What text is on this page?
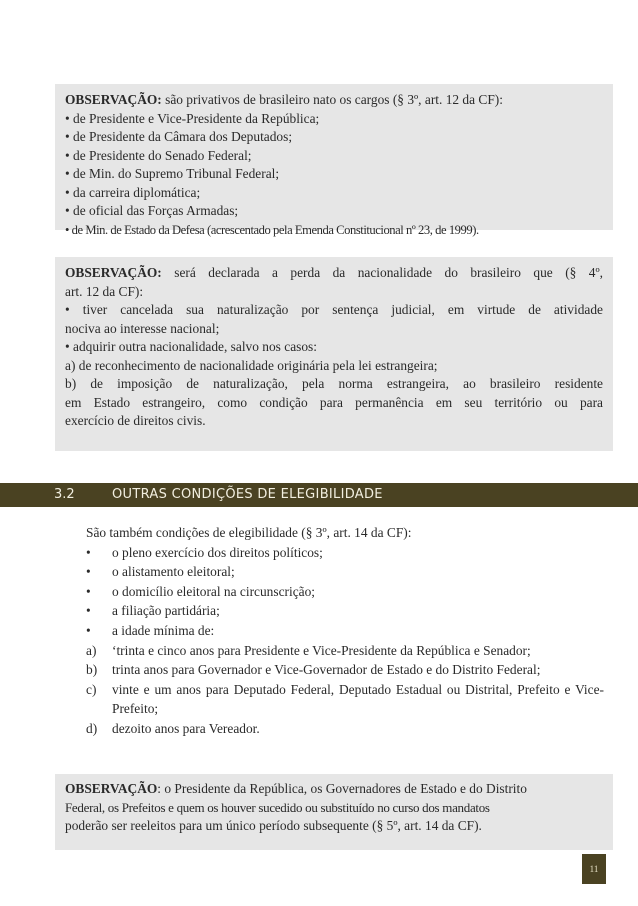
OBSERVAÇÃO: são privativos de brasileiro nato os cargos (§ 3º, art. 12 da CF):
• de Presidente e Vice-Presidente da República;
• de Presidente da Câmara dos Deputados;
• de Presidente do Senado Federal;
• de Min. do Supremo Tribunal Federal;
• da carreira diplomática;
• de oficial das Forças Armadas;
• de Min. de Estado da Defesa (acrescentado pela Emenda Constitucional nº 23, de 1999).
OBSERVAÇÃO: será declarada a perda da nacionalidade do brasileiro que (§ 4º,
art. 12 da CF):
• tiver cancelada sua naturalização por sentença judicial, em virtude de atividade
nociva ao interesse nacional;
• adquirir outra nacionalidade, salvo nos casos:
a) de reconhecimento de nacionalidade originária pela lei estrangeira;
b) de imposição de naturalização, pela norma estrangeira, ao brasileiro residente
em Estado estrangeiro, como condição para permanência em seu território ou para
exercício de direitos civis.
3.2	OUTRAS CONDIÇÕES DE ELEGIBILIDADE
São também condições de elegibilidade (§ 3º, art. 14 da CF):
• o pleno exercício dos direitos políticos;
• o alistamento eleitoral;
• o domicílio eleitoral na circunscrição;
• a filiação partidária;
• a idade mínima de:
a) ‘trinta e cinco anos para Presidente e Vice-Presidente da República e Senador;
b) trinta anos para Governador e Vice-Governador de Estado e do Distrito Federal;
c) vinte e um anos para Deputado Federal, Deputado Estadual ou Distrital, Prefeito e Vice-Prefeito;
d) dezoito anos para Vereador.
OBSERVAÇÃO: o Presidente da República, os Governadores de Estado e do Distrito
Federal, os Prefeitos e quem os houver sucedido ou substituído no curso dos mandatos
poderão ser reeleitos para um único período subsequente (§ 5º, art. 14 da CF).
11
